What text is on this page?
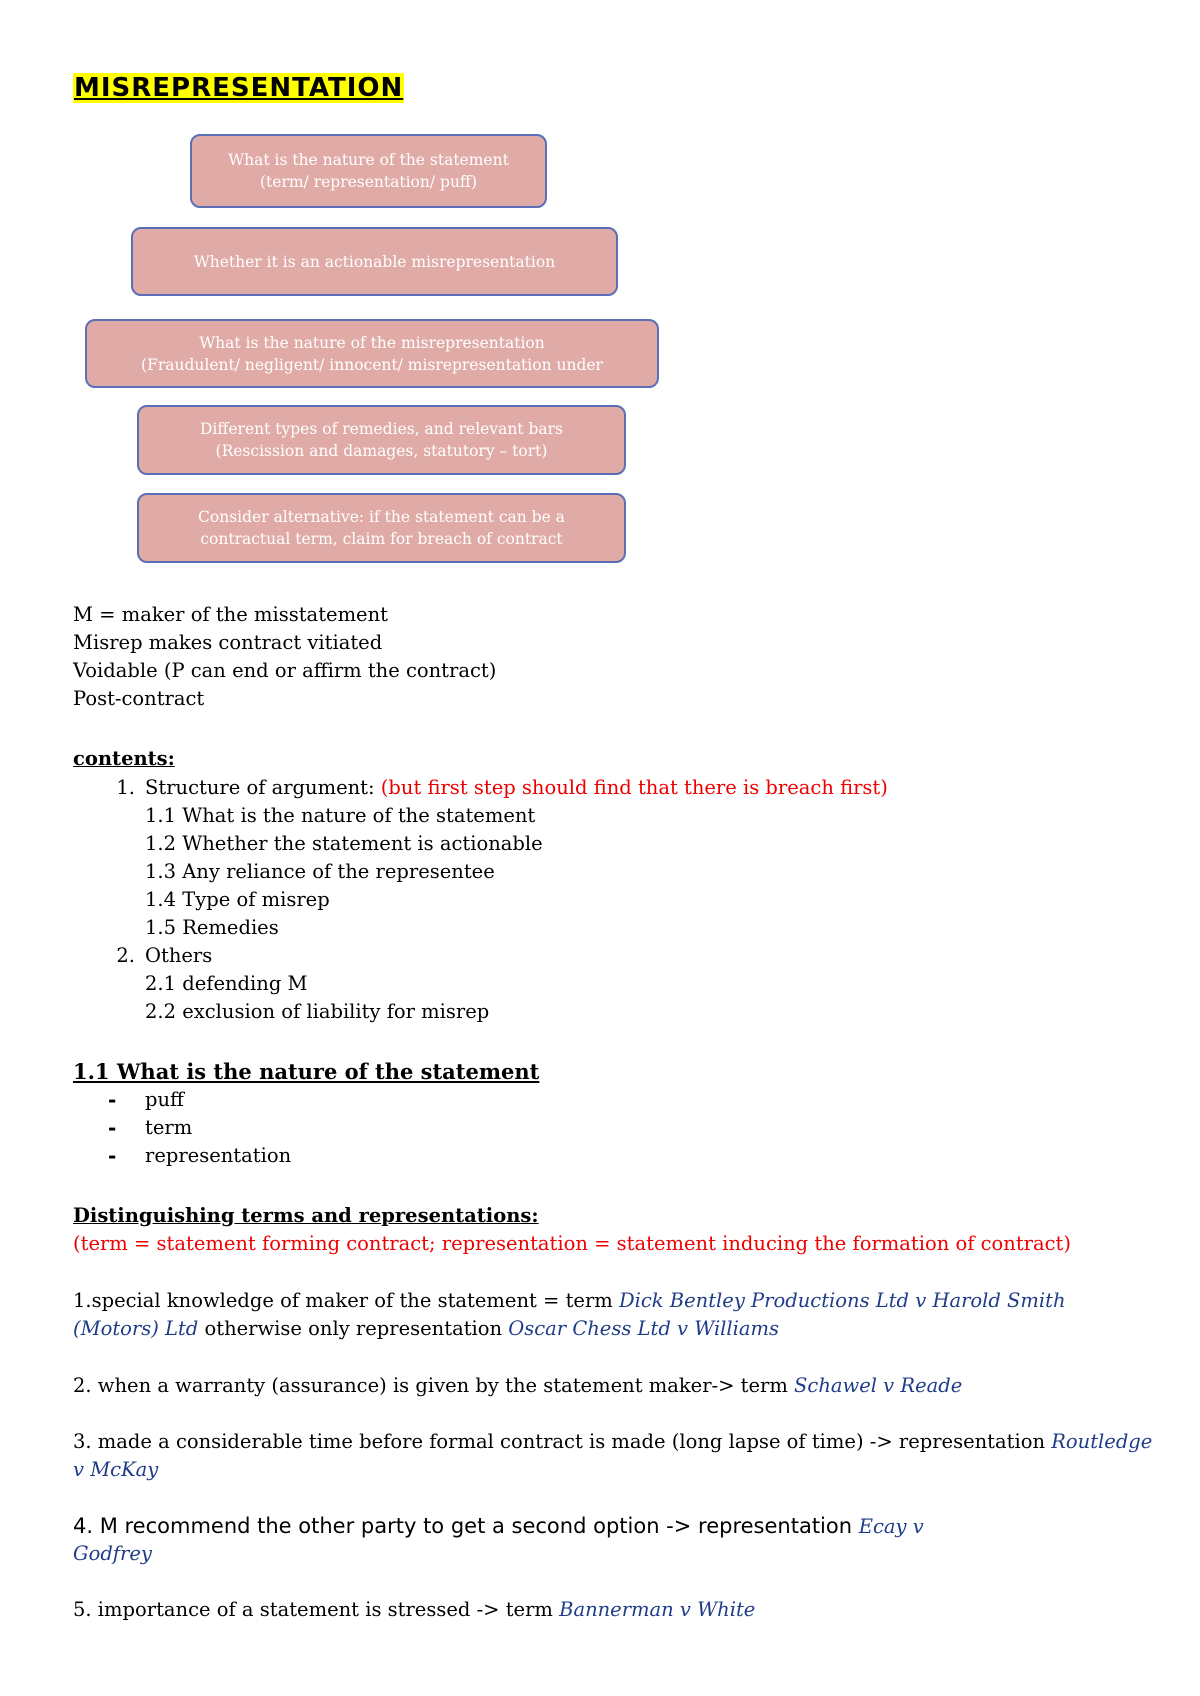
MISREPRESENTATION
What is the nature of the statement
(term/ representation/ puff)
Whether it is an actionable misrepresentation
What is the nature of the misrepresentation
(Fraudulent/ negligent/ innocent/ misrepresentation under
Different types of remedies, and relevant bars
(Rescission and damages, statutory – tort)
Consider alternative: if the statement can be a
contractual term, claim for breach of contract
M = maker of the misstatement
Misrep makes contract vitiated
Voidable (P can end or affirm the contract)
Post-contract
contents:
1. Structure of argument: (but first step should find that there is breach first)
1.1 What is the nature of the statement
1.2 Whether the statement is actionable
1.3 Any reliance of the representee
1.4 Type of misrep
1.5 Remedies
2. Others
2.1 defending M
2.2 exclusion of liability for misrep
1.1 What is the nature of the statement
- puff
- term
- representation
Distinguishing terms and representations:
(term = statement forming contract; representation = statement inducing the formation of contract)
1.special knowledge of maker of the statement = term Dick Bentley Productions Ltd v Harold Smith
(Motors) Ltd otherwise only representation Oscar Chess Ltd v Williams
2. when a warranty (assurance) is given by the statement maker-> term Schawel v Reade
3. made a considerable time before formal contract is made (long lapse of time) -> representation Routledge
v McKay
4. M recommend the other party to get a second option -> representation Ecay v
Godfrey
5. importance of a statement is stressed -> term Bannerman v White
